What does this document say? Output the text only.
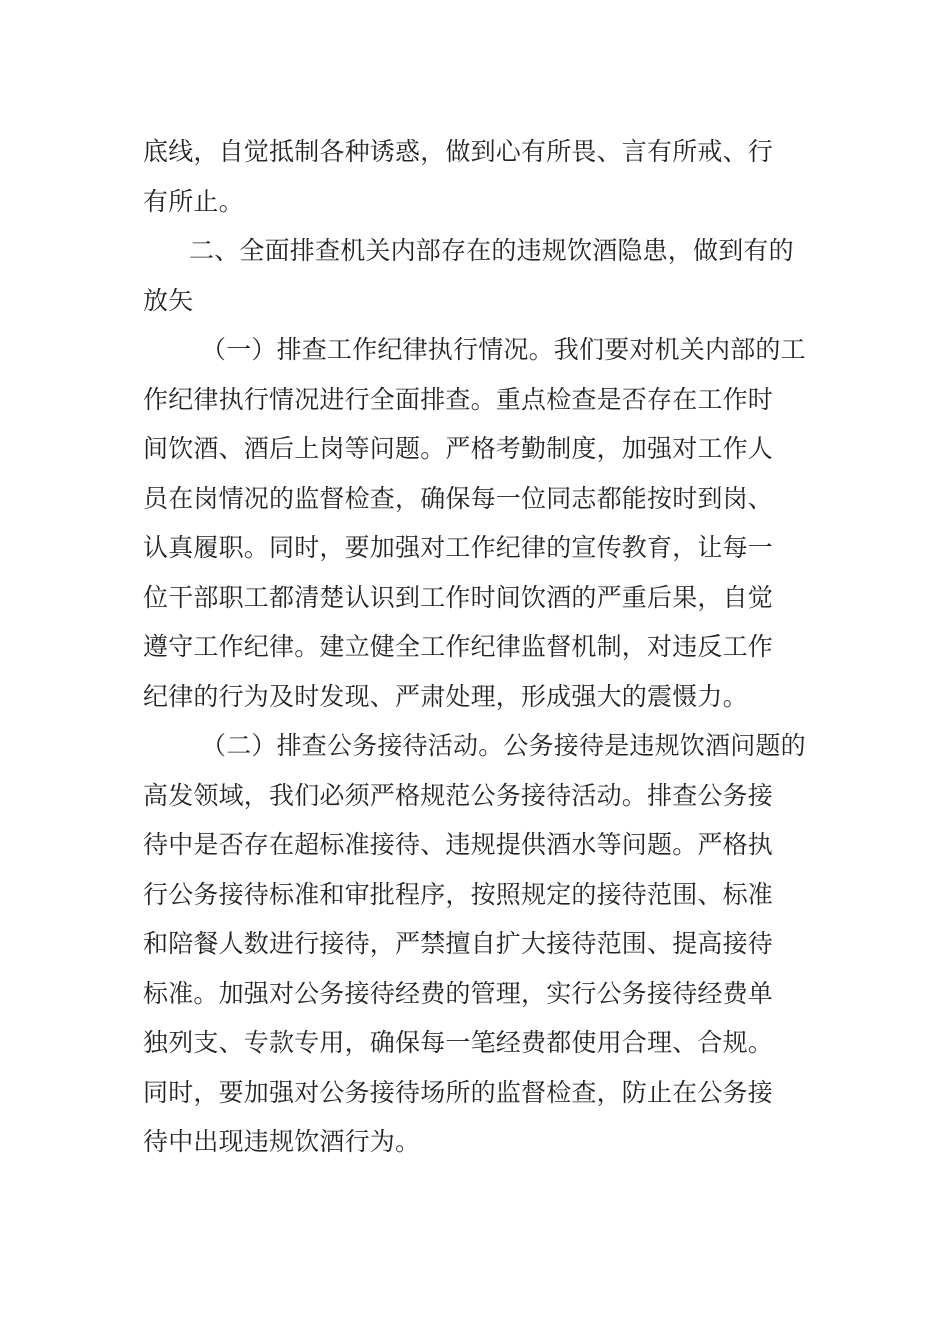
底线，自觉抵制各种诱惑，做到心有所畏、言有所戒、行
有所止。
二、全面排查机关内部存在的违规饮酒隐患，做到有的
放矢
（一）排查工作纪律执行情况。我们要对机关内部的工
作纪律执行情况进行全面排查。重点检查是否存在工作时
间饮酒、酒后上岗等问题。严格考勤制度，加强对工作人
员在岗情况的监督检查，确保每一位同志都能按时到岗、
认真履职。同时，要加强对工作纪律的宣传教育，让每一
位干部职工都清楚认识到工作时间饮酒的严重后果，自觉
遵守工作纪律。建立健全工作纪律监督机制，对违反工作
纪律的行为及时发现、严肃处理，形成强大的震慑力。
（二）排查公务接待活动。公务接待是违规饮酒问题的
高发领域，我们必须严格规范公务接待活动。排查公务接
待中是否存在超标准接待、违规提供酒水等问题。严格执
行公务接待标准和审批程序，按照规定的接待范围、标准
和陪餐人数进行接待，严禁擅自扩大接待范围、提高接待
标准。加强对公务接待经费的管理，实行公务接待经费单
独列支、专款专用，确保每一笔经费都使用合理、合规。
同时，要加强对公务接待场所的监督检查，防止在公务接
待中出现违规饮酒行为。
